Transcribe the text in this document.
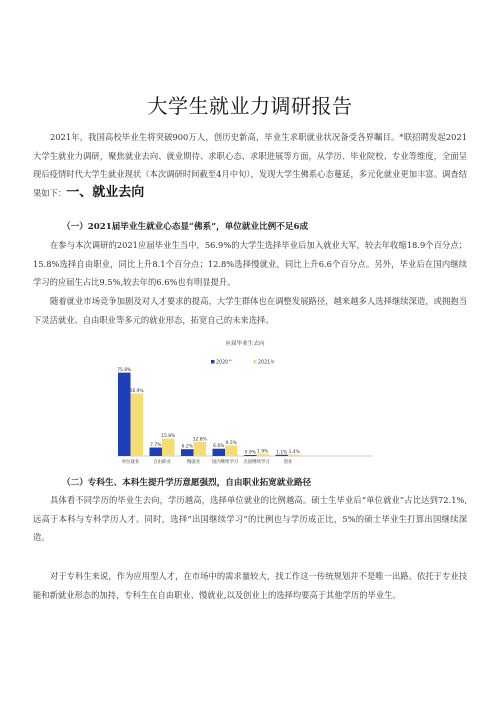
大学生就业力调研报告
2021年，我国高校毕业生将突破900万人，创历史新高，毕业生求职就业状况备受各界瞩目。*联招聘发起2021大学生就业力调研，聚焦就业去向、就业期待、求职心态、求职进展等方面，从学历、毕业院校、专业等维度，全面呈现后疫情时代大学生就业现状（本次调研时间截至4月中旬），发现大学生佛系心态蔓延，多元化就业更加丰富。调查结果如下：一、就业去向
（一）2021届毕业生就业心态显“佛系”，单位就业比例不足6成
在参与本次调研的2021应届毕业生当中，56.9%的大学生选择毕业后加入就业大军，较去年收缩18.9个百分点；15.8%选择自由职业，同比上升8.1个百分点；12.8%选择慢就业，同比上升6.6个百分点。另外，毕业后在国内继续学习的应届生占比9.5%,较去年的6.6%也有明显提升。
随着就业市场竞争加剧及对人才要求的提高，大学生群体也在调整发展路径，越来越多人选择继续深造，或拥抱当下灵活就业、自由职业等多元的就业形态，拓宽自己的未来选择。
应届毕业生去向
2020^	2021年
75.8%
56.9%
单位就业
7.7%
15.8%
自由职业
6.2%
12.8%
慢就业
6.6%
9.5%
国内继续学习
0.9% 1.9%
出国继续学习
1.1% 1.4%
创业
（二）专科生、本科生提升学历意愿强烈，自由职业拓宽就业路径
具体看不同学历的毕业生去向，学历越高，选择单位就业的比例越高。硕士生毕业后“单位就业”占比达到72.1%,远高于本科与专科学历人才。同时，选择“出国继续学习”的比例也与学历成正比，5%的硕士毕业生打算出国继续深造。
对于专科生来说，作为应用型人才，在市场中的需求量较大，找工作这一传统规划并不是唯一出路。依托于专业技能和新就业形态的加持，专科生在自由职业、慢就业,以及创业上的选择均要高于其他学历的毕业生。
